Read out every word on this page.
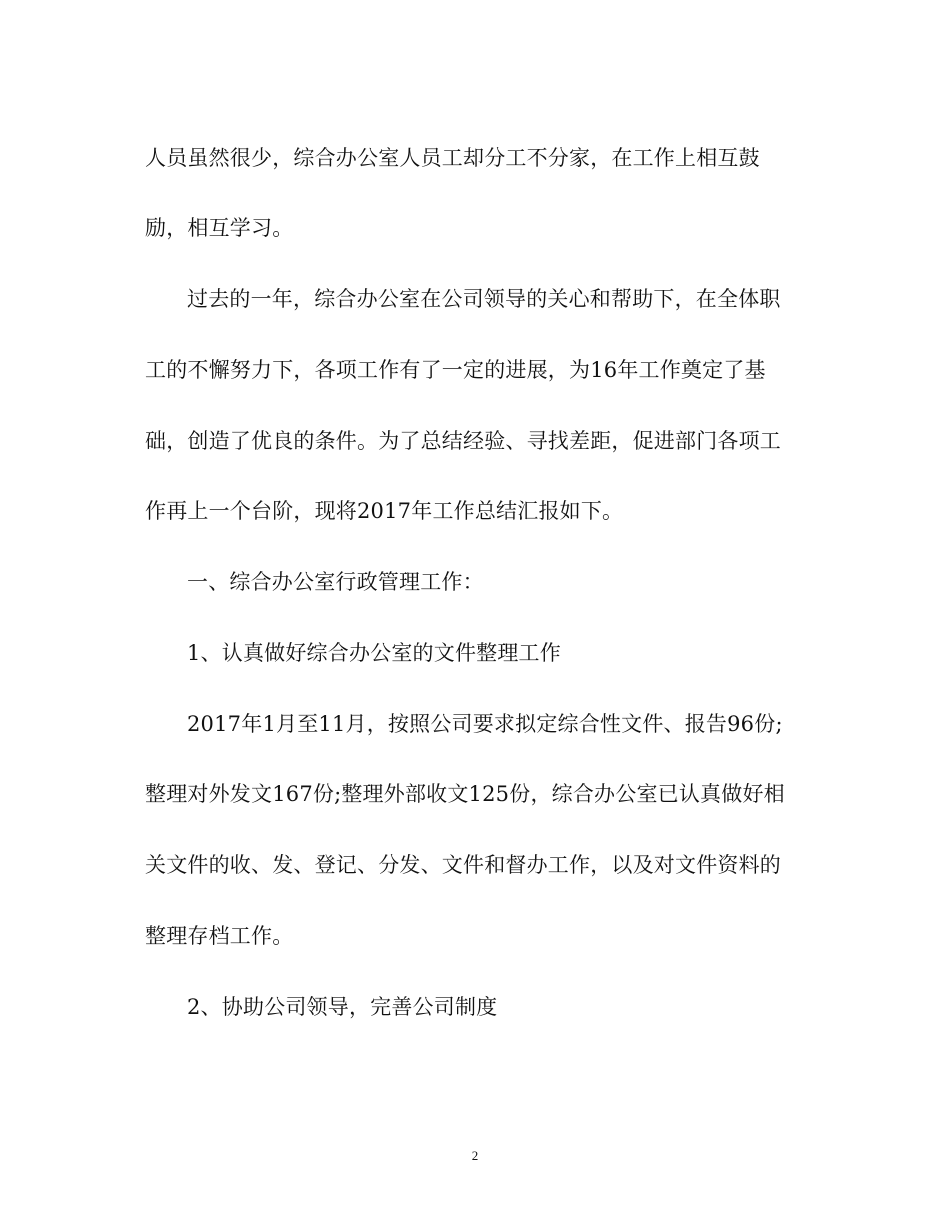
人员虽然很少，综合办公室人员工却分工不分家，在工作上相互鼓
励，相互学习。
过去的一年，综合办公室在公司领导的关心和帮助下，在全体职
工的不懈努力下，各项工作有了一定的进展，为16年工作奠定了基
础，创造了优良的条件。为了总结经验、寻找差距，促进部门各项工
作再上一个台阶，现将2017年工作总结汇报如下。
一、综合办公室行政管理工作：
1、认真做好综合办公室的文件整理工作
2017年1月至11月，按照公司要求拟定综合性文件、报告96份;
整理对外发文167份;整理外部收文125份，综合办公室已认真做好相
关文件的收、发、登记、分发、文件和督办工作，以及对文件资料的
整理存档工作。
2、协助公司领导，完善公司制度
2
